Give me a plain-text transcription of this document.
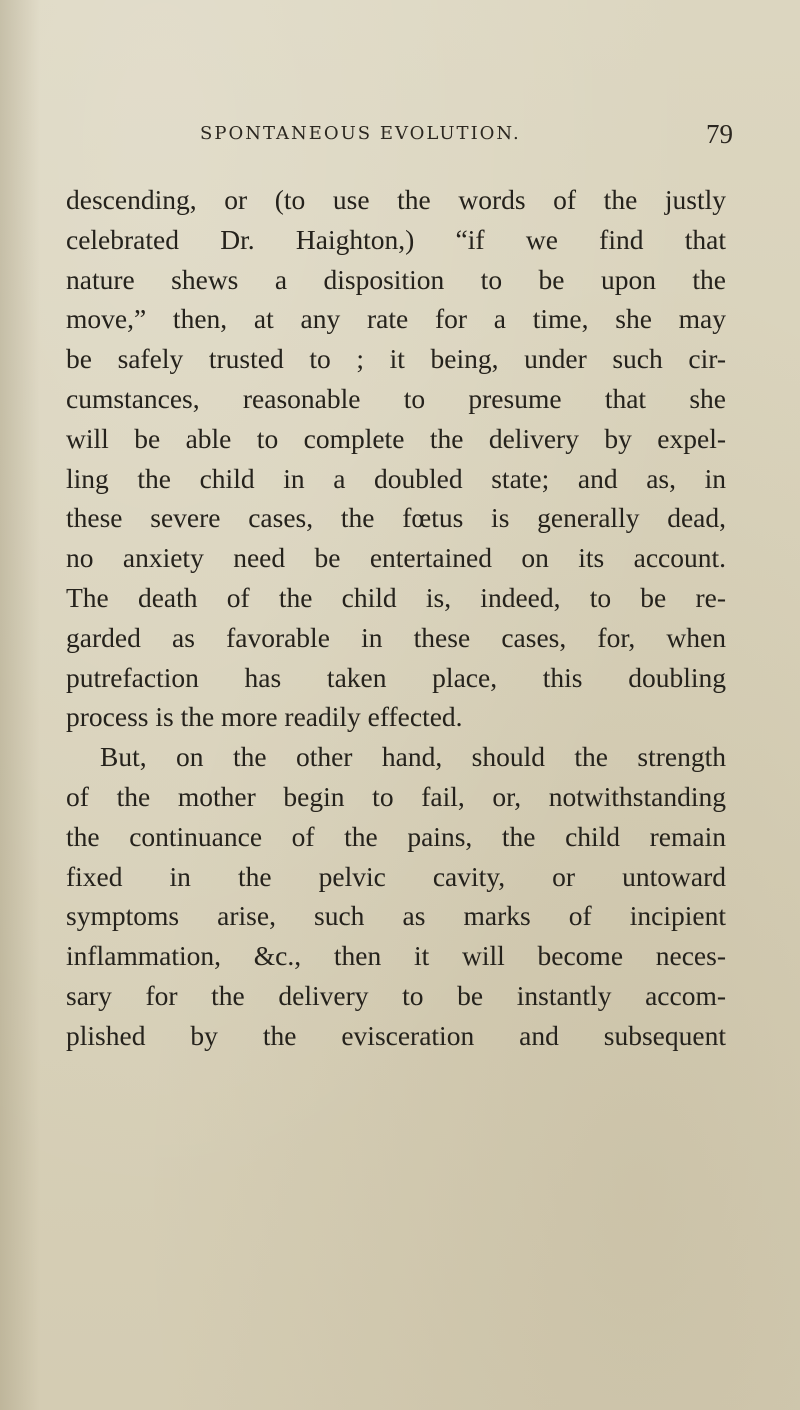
SPONTANEOUS EVOLUTION.	79
descending, or (to use the words of the justly
celebrated Dr. Haighton,) “if we find that
nature shews a disposition to be upon the
move,” then, at any rate for a time, she may
be safely trusted to ; it being, under such cir-
cumstances, reasonable to presume that she
will be able to complete the delivery by expel-
ling the child in a doubled state; and as, in
these severe cases, the fœtus is generally dead,
no anxiety need be entertained on its account.
The death of the child is, indeed, to be re-
garded as favorable in these cases, for, when
putrefaction has taken place, this doubling
process is the more readily effected.
But, on the other hand, should the strength
of the mother begin to fail, or, notwithstanding
the continuance of the pains, the child remain
fixed in the pelvic cavity, or untoward
symptoms arise, such as marks of incipient
inflammation, &c., then it will become neces-
sary for the delivery to be instantly accom-
plished by the evisceration and subsequent
